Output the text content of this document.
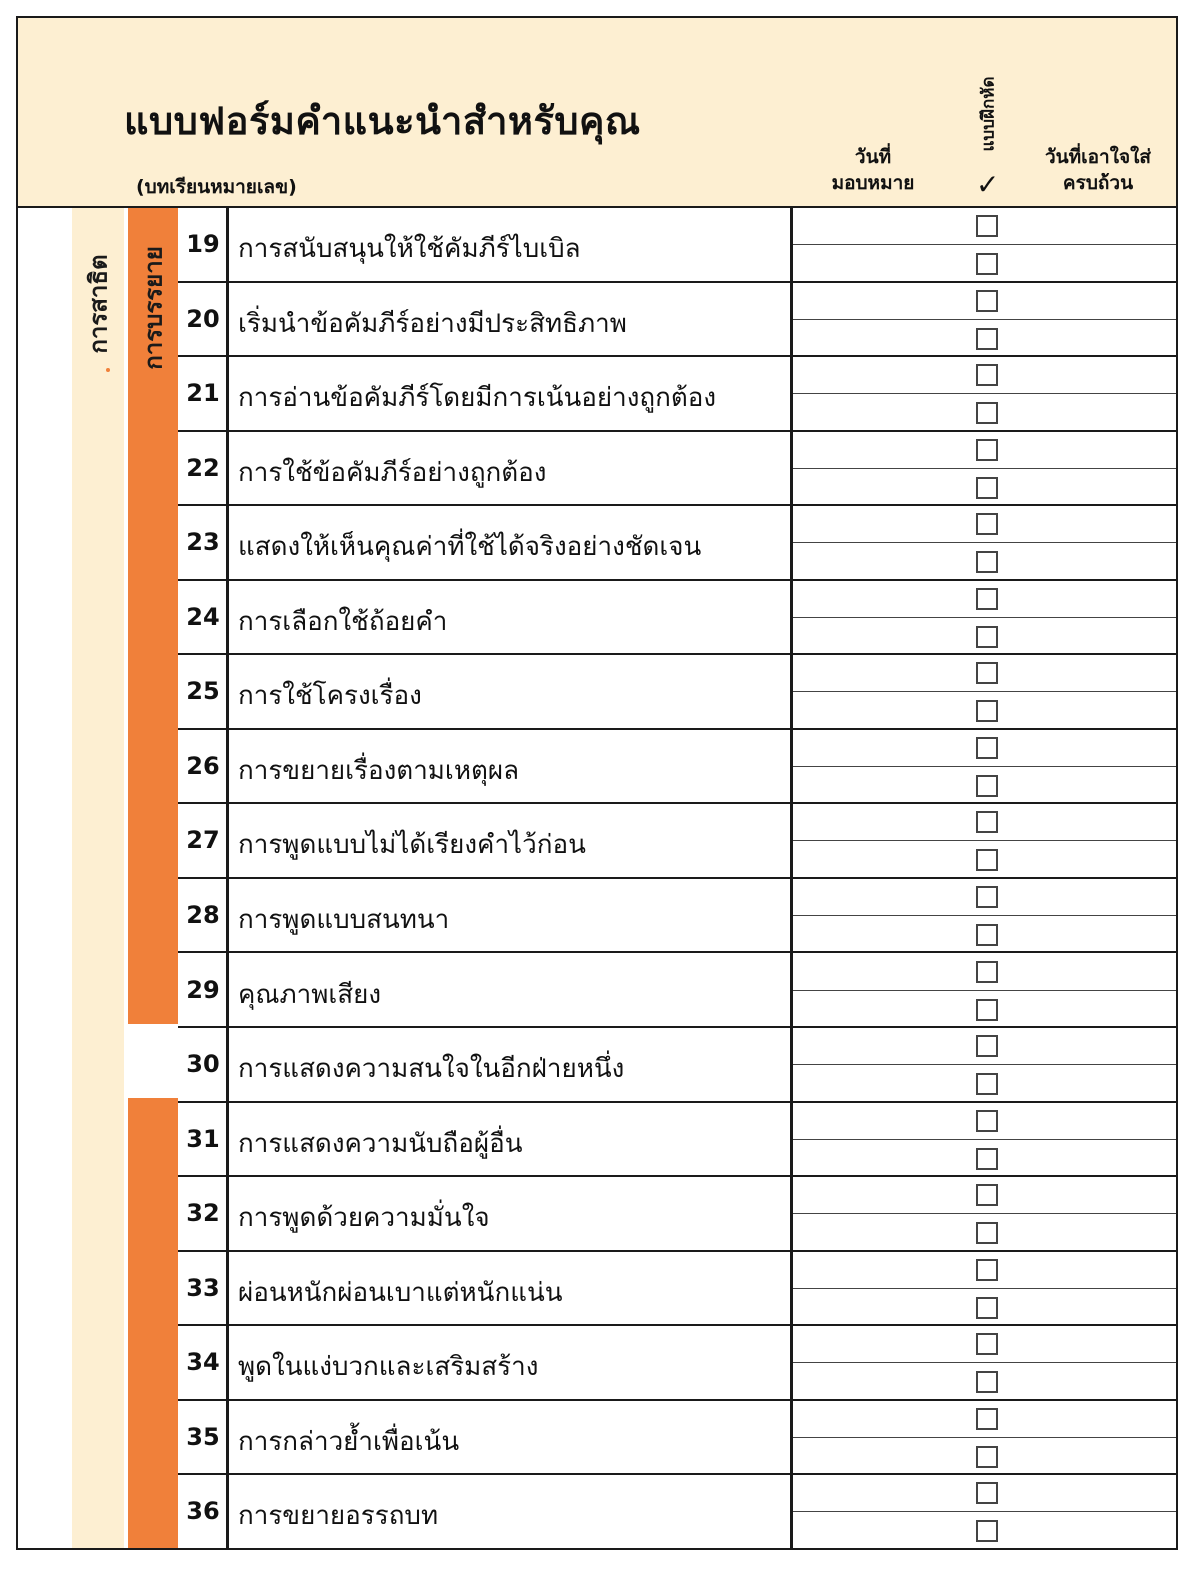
แบบฟอร์มคำแนะนำสำหรับคุณ
(บทเรียนหมายเลข)
วันที่
มอบหมาย
แบบฝึกหัด
✓
วันที่เอาใจใส่
ครบถ้วน
การสาธิต การบรรยาย
19 การสนับสนุนให้ใช้คัมภีร์ไบเบิล
20 เริ่มนำข้อคัมภีร์อย่างมีประสิทธิภาพ
21 การอ่านข้อคัมภีร์โดยมีการเน้นอย่างถูกต้อง
22 การใช้ข้อคัมภีร์อย่างถูกต้อง
23 แสดงให้เห็นคุณค่าที่ใช้ได้จริงอย่างชัดเจน
24 การเลือกใช้ถ้อยคำ
25 การใช้โครงเรื่อง
26 การขยายเรื่องตามเหตุผล
27 การพูดแบบไม่ได้เรียงคำไว้ก่อน
28 การพูดแบบสนทนา
29 คุณภาพเสียง
30 การแสดงความสนใจในอีกฝ่ายหนึ่ง
31 การแสดงความนับถือผู้อื่น
32 การพูดด้วยความมั่นใจ
33 ผ่อนหนักผ่อนเบาแต่หนักแน่น
34 พูดในแง่บวกและเสริมสร้าง
35 การกล่าวย้ำเพื่อเน้น
36 การขยายอรรถบท
